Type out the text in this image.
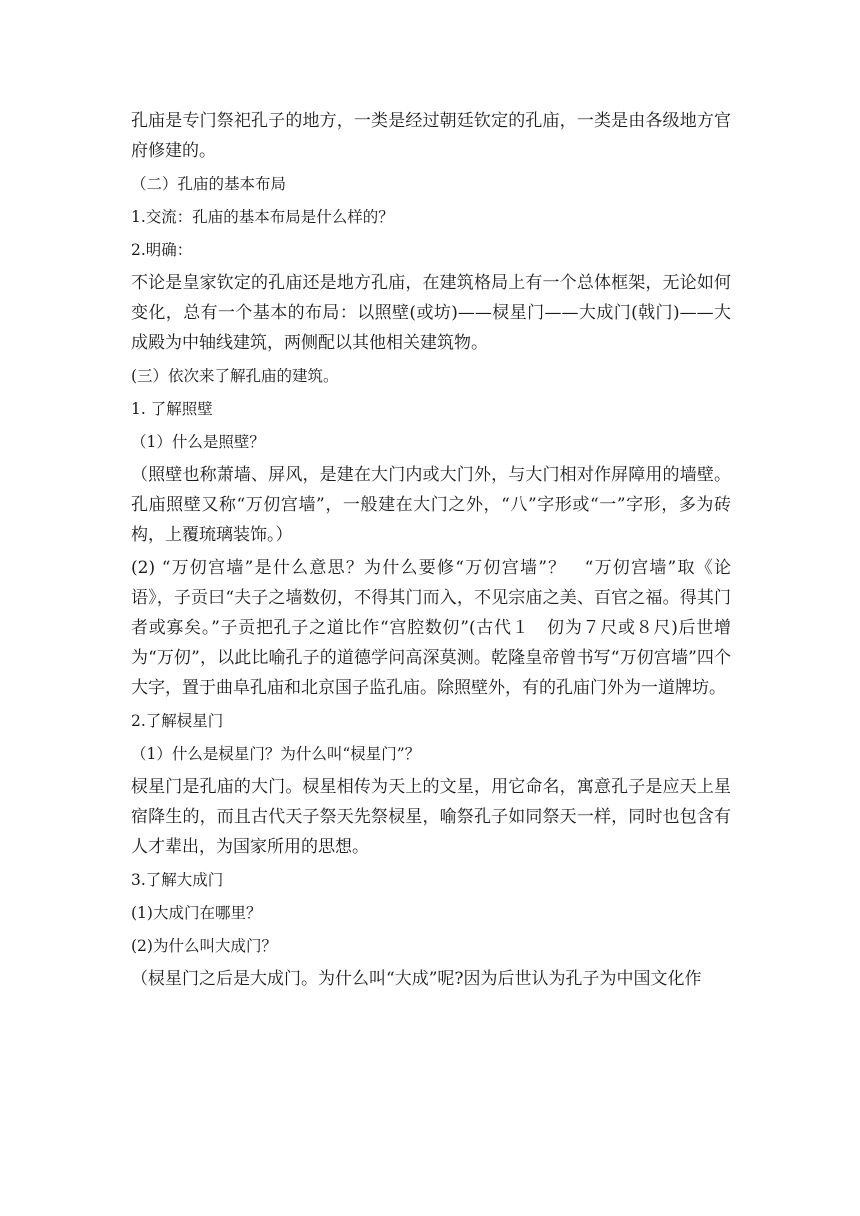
孔庙是专门祭祀孔子的地方，一类是经过朝廷钦定的孔庙，一类是由各级地方官府修建的。

（二）孔庙的基本布局

1.交流：孔庙的基本布局是什么样的？

2.明确：

不论是皇家钦定的孔庙还是地方孔庙，在建筑格局上有一个总体框架，无论如何变化，总有一个基本的布局：以照壁(或坊)——棂星门——大成门(戟门)——大成殿为中轴线建筑，两侧配以其他相关建筑物。

(三）依次来了解孔庙的建筑。

1. 了解照壁

（1）什么是照壁？

（照壁也称萧墙、屏风，是建在大门内或大门外，与大门相对作屏障用的墙壁。孔庙照壁又称“万仞宫墙”，一般建在大门之外，“八”字形或“一”字形，多为砖构，上覆琉璃装饰。）

(2) “万仞宫墙”是什么意思？为什么要修“万仞宫墙”？　“万仞宫墙”取《论语》，子贡曰“夫子之墙数仞，不得其门而入，不见宗庙之美、百官之福。得其门者或寡矣。”子贡把孔子之道比作“宫腔数仞”(古代１　仞为７尺或８尺)后世增为“万仞”，以此比喻孔子的道德学问高深莫测。乾隆皇帝曾书写“万仞宫墙”四个大字，置于曲阜孔庙和北京国子监孔庙。除照壁外，有的孔庙门外为一道牌坊。

2.了解棂星门

（1）什么是棂星门？为什么叫“棂星门”？

棂星门是孔庙的大门。棂星相传为天上的文星，用它命名，寓意孔子是应天上星宿降生的，而且古代天子祭天先祭棂星，喻祭孔子如同祭天一样，同时也包含有人才辈出，为国家所用的思想。

3.了解大成门

(1)大成门在哪里？

(2)为什么叫大成门？

（棂星门之后是大成门。为什么叫“大成”呢?因为后世认为孔子为中国文化作
